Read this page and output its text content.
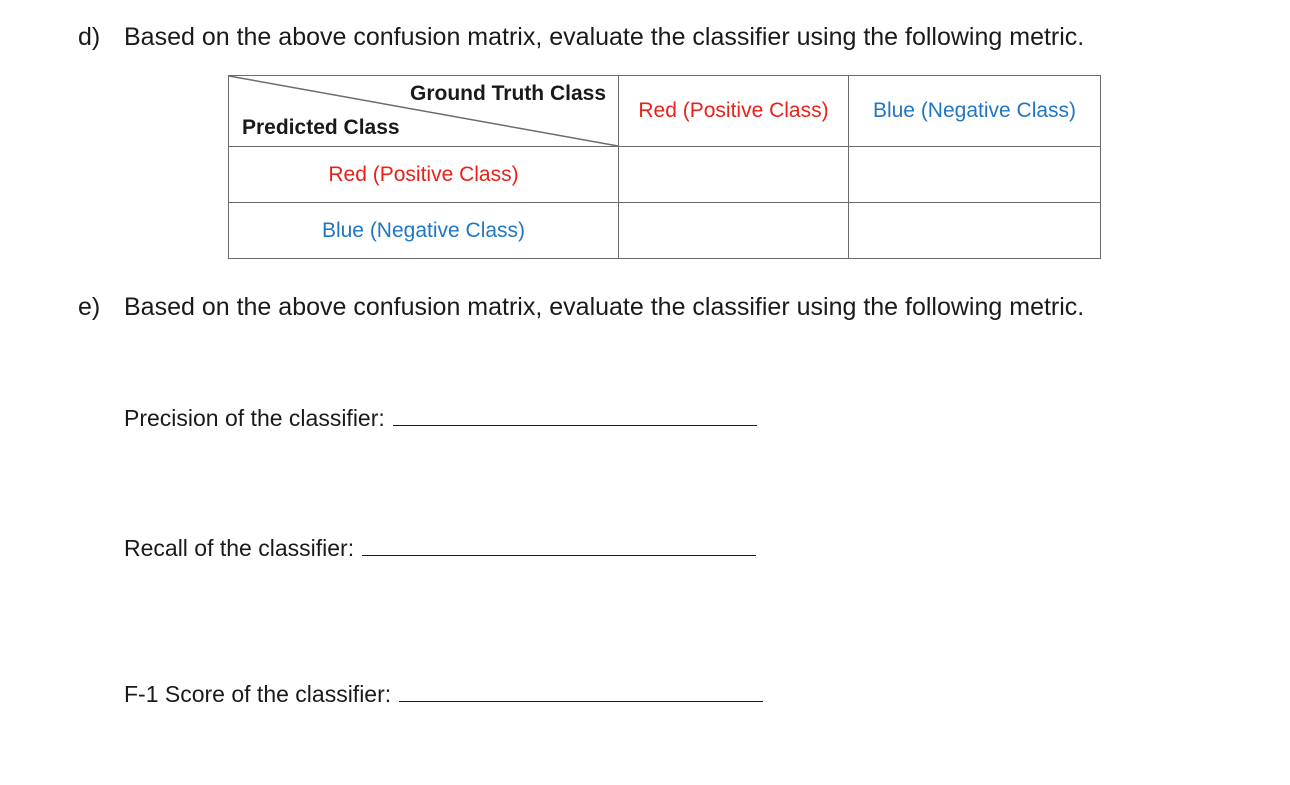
d) Based on the above confusion matrix, evaluate the classifier using the following metric.
Ground Truth Class
Predicted Class	Red (Positive Class)	Blue (Negative Class)
Red (Positive Class)		
Blue (Negative Class)		
e) Based on the above confusion matrix, evaluate the classifier using the following metric.
Precision of the classifier:
Recall of the classifier:
F-1 Score of the classifier:
